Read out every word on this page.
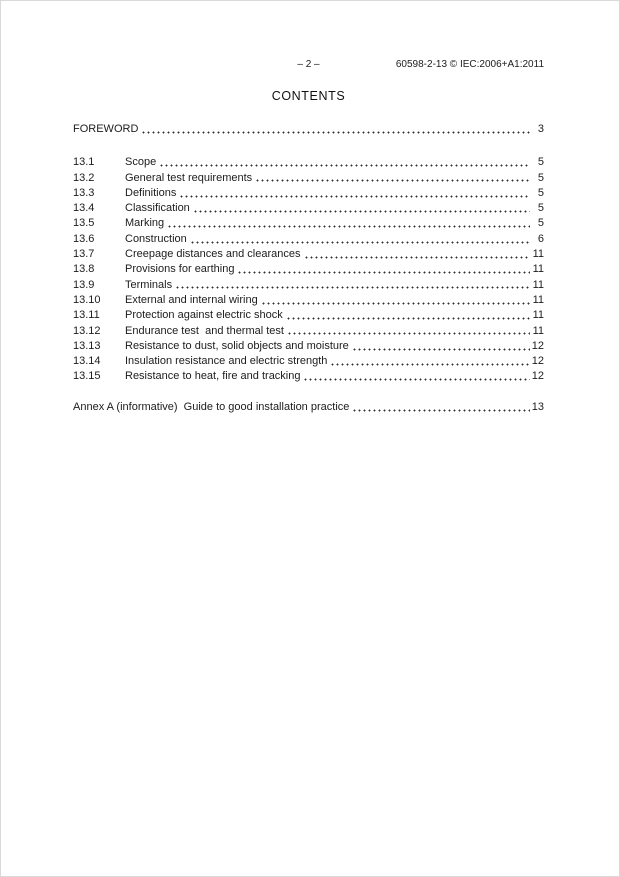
– 2 –	60598-2-13 © IEC:2006+A1:2011
CONTENTS
FOREWORD	3
13.1	Scope	5
13.2	General test requirements	5
13.3	Definitions	5
13.4	Classification	5
13.5	Marking	5
13.6	Construction	6
13.7	Creepage distances and clearances	11
13.8	Provisions for earthing	11
13.9	Terminals	11
13.10	External and internal wiring	11
13.11	Protection against electric shock	11
13.12	Endurance test  and thermal test	11
13.13	Resistance to dust, solid objects and moisture	12
13.14	Insulation resistance and electric strength	12
13.15	Resistance to heat, fire and tracking	12
Annex A (informative)  Guide to good installation practice	13
